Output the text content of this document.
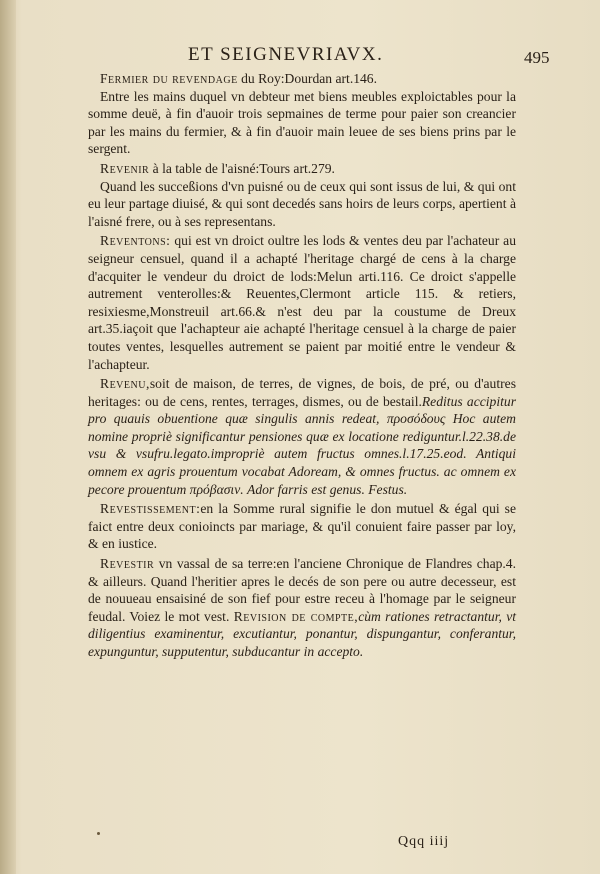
ET SEIGNEVRIAVX.	495

Fermier du revendage du Roy:Dourdan art.146.

Entre les mains duquel vn debteur met biens meubles exploictables pour la somme deuë, à fin d'auoir trois sepmaines de terme pour paier son creancier par les mains du fermier, & à fin d'auoir main leuee de ses biens prins par le sergent.

Revenir à la table de l'aisné:Tours art.279.

Quand les succeßions d'vn puisné ou de ceux qui sont issus de lui, & qui ont eu leur partage diuisé, & qui sont decedés sans hoirs de leurs corps, apertient à l'aisné frere, ou à ses representans.

Reventons: qui est vn droict oultre les lods & ventes deu par l'achateur au seigneur censuel, quand il a achapté l'heritage chargé de cens à la charge d'acquiter le vendeur du droict de lods:Melun arti.116. Ce droict s'appelle autrement venterolles:& Reuentes,Clermont article 115. & retiers, resixiesme,Monstreuil art.66.& n'est deu par la coustume de Dreux art.35.iaçoit que l'achapteur aie achapté l'heritage censuel à la charge de paier toutes ventes, lesquelles autrement se paient par moitié entre le vendeur & l'achapteur.

Revenu,soit de maison, de terres, de vignes, de bois, de pré, ou d'autres heritages: ou de cens, rentes, terrages, dismes, ou de bestail.Reditus accipitur pro quauis obuentione quæ singulis annis redeat, προσόδους Hoc autem nomine propriè significantur pensiones quæ ex locatione rediguntur.l.22.38.de vsu & vsufru.legato.impropriè autem fructus omnes.l.17.25.eod. Antiqui omnem ex agris prouentum vocabat Adoream, & omnes fructus. ac omnem ex pecore prouentum πρόβασιν. Ador farris est genus. Festus.

Revestissement:en la Somme rural signifie le don mutuel & égal qui se faict entre deux conioincts par mariage, & qu'il conuient faire passer par loy, & en iustice.

Revestir vn vassal de sa terre:en l'anciene Chronique de Flandres chap.4. & ailleurs. Quand l'heritier apres le decés de son pere ou autre decesseur, est de nouueau ensaisiné de son fief pour estre receu à l'homage par le seigneur feudal. Voiez le mot vest. Revision de compte,cùm rationes retractantur, vt diligentius examinentur, excutiantur, ponantur, dispungantur, conferantur, expunguntur, supputentur, subducantur in accepto.

Qqq iiij
